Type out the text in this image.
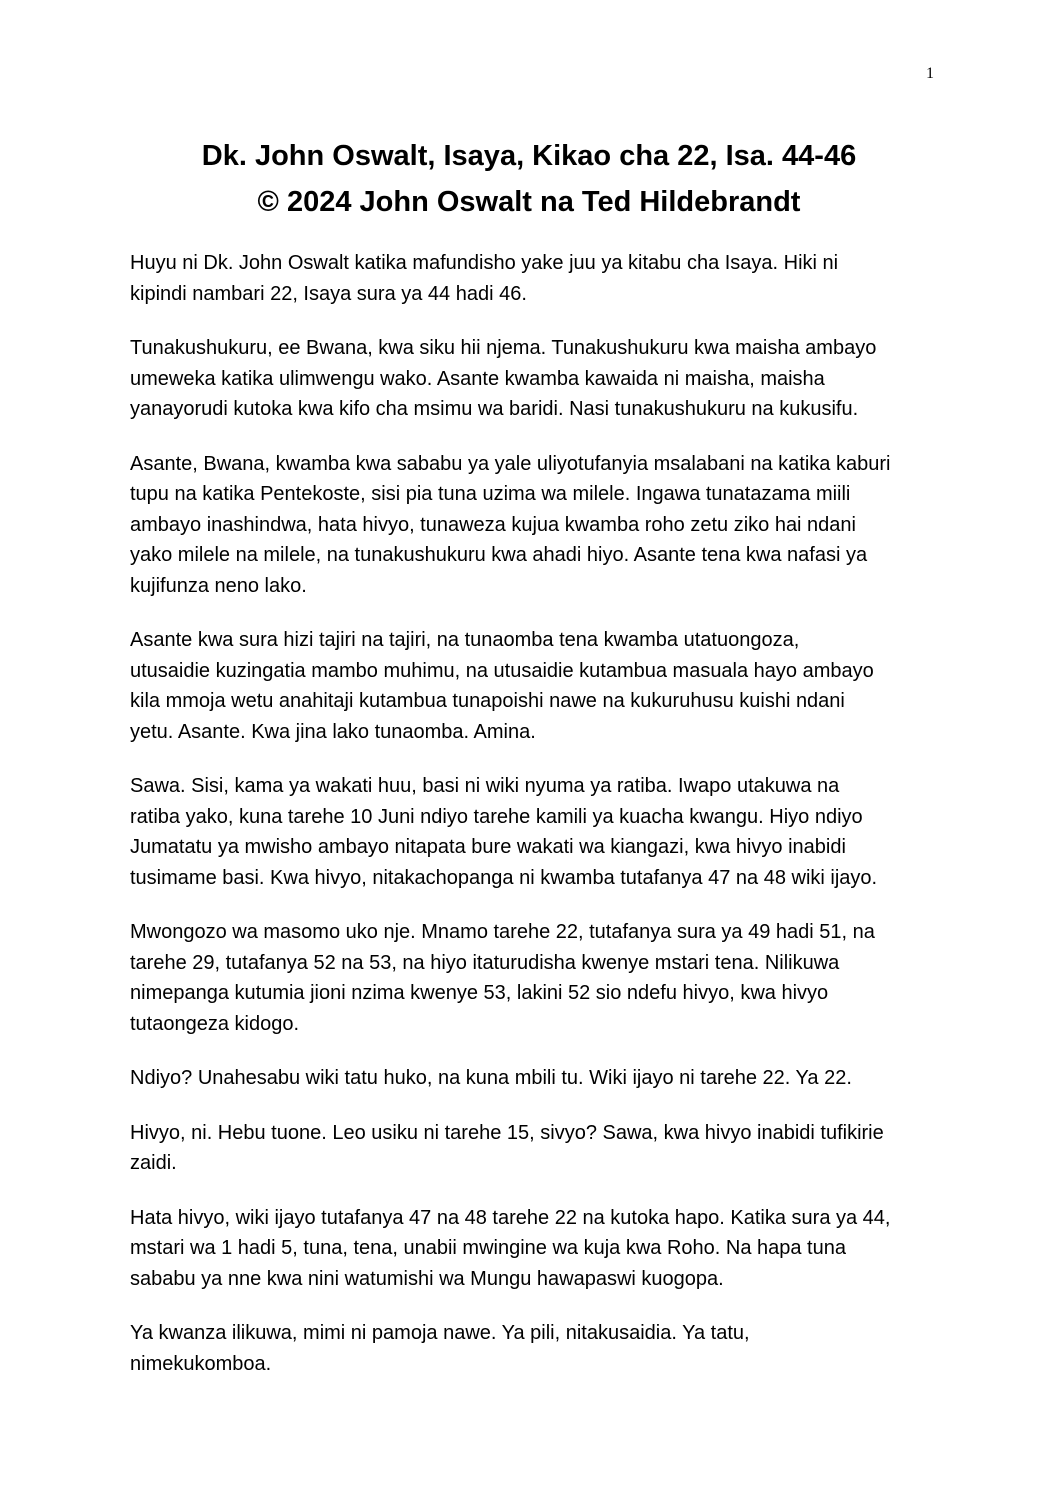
1
Dk. John Oswalt, Isaya, Kikao cha 22, Isa. 44-46
© 2024 John Oswalt na Ted Hildebrandt

Huyu ni Dk. John Oswalt katika mafundisho yake juu ya kitabu cha Isaya. Hiki ni
kipindi nambari 22, Isaya sura ya 44 hadi 46.

Tunakushukuru, ee Bwana, kwa siku hii njema. Tunakushukuru kwa maisha ambayo
umeweka katika ulimwengu wako. Asante kwamba kawaida ni maisha, maisha
yanayorudi kutoka kwa kifo cha msimu wa baridi. Nasi tunakushukuru na kukusifu.

Asante, Bwana, kwamba kwa sababu ya yale uliyotufanyia msalabani na katika kaburi
tupu na katika Pentekoste, sisi pia tuna uzima wa milele. Ingawa tunatazama miili
ambayo inashindwa, hata hivyo, tunaweza kujua kwamba roho zetu ziko hai ndani
yako milele na milele, na tunakushukuru kwa ahadi hiyo. Asante tena kwa nafasi ya
kujifunza neno lako.

Asante kwa sura hizi tajiri na tajiri, na tunaomba tena kwamba utatuongoza,
utusaidie kuzingatia mambo muhimu, na utusaidie kutambua masuala hayo ambayo
kila mmoja wetu anahitaji kutambua tunapoishi nawe na kukuruhusu kuishi ndani
yetu. Asante. Kwa jina lako tunaomba. Amina.

Sawa. Sisi, kama ya wakati huu, basi ni wiki nyuma ya ratiba. Iwapo utakuwa na
ratiba yako, kuna tarehe 10 Juni ndiyo tarehe kamili ya kuacha kwangu. Hiyo ndiyo
Jumatatu ya mwisho ambayo nitapata bure wakati wa kiangazi, kwa hivyo inabidi
tusimame basi. Kwa hivyo, nitakachopanga ni kwamba tutafanya 47 na 48 wiki ijayo.

Mwongozo wa masomo uko nje. Mnamo tarehe 22, tutafanya sura ya 49 hadi 51, na
tarehe 29, tutafanya 52 na 53, na hiyo itaturudisha kwenye mstari tena. Nilikuwa
nimepanga kutumia jioni nzima kwenye 53, lakini 52 sio ndefu hivyo, kwa hivyo
tutaongeza kidogo.

Ndiyo? Unahesabu wiki tatu huko, na kuna mbili tu. Wiki ijayo ni tarehe 22. Ya 22.

Hivyo, ni. Hebu tuone. Leo usiku ni tarehe 15, sivyo? Sawa, kwa hivyo inabidi tufikirie
zaidi.

Hata hivyo, wiki ijayo tutafanya 47 na 48 tarehe 22 na kutoka hapo. Katika sura ya 44,
mstari wa 1 hadi 5, tuna, tena, unabii mwingine wa kuja kwa Roho. Na hapa tuna
sababu ya nne kwa nini watumishi wa Mungu hawapaswi kuogopa.

Ya kwanza ilikuwa, mimi ni pamoja nawe. Ya pili, nitakusaidia. Ya tatu,
nimekukomboa.
